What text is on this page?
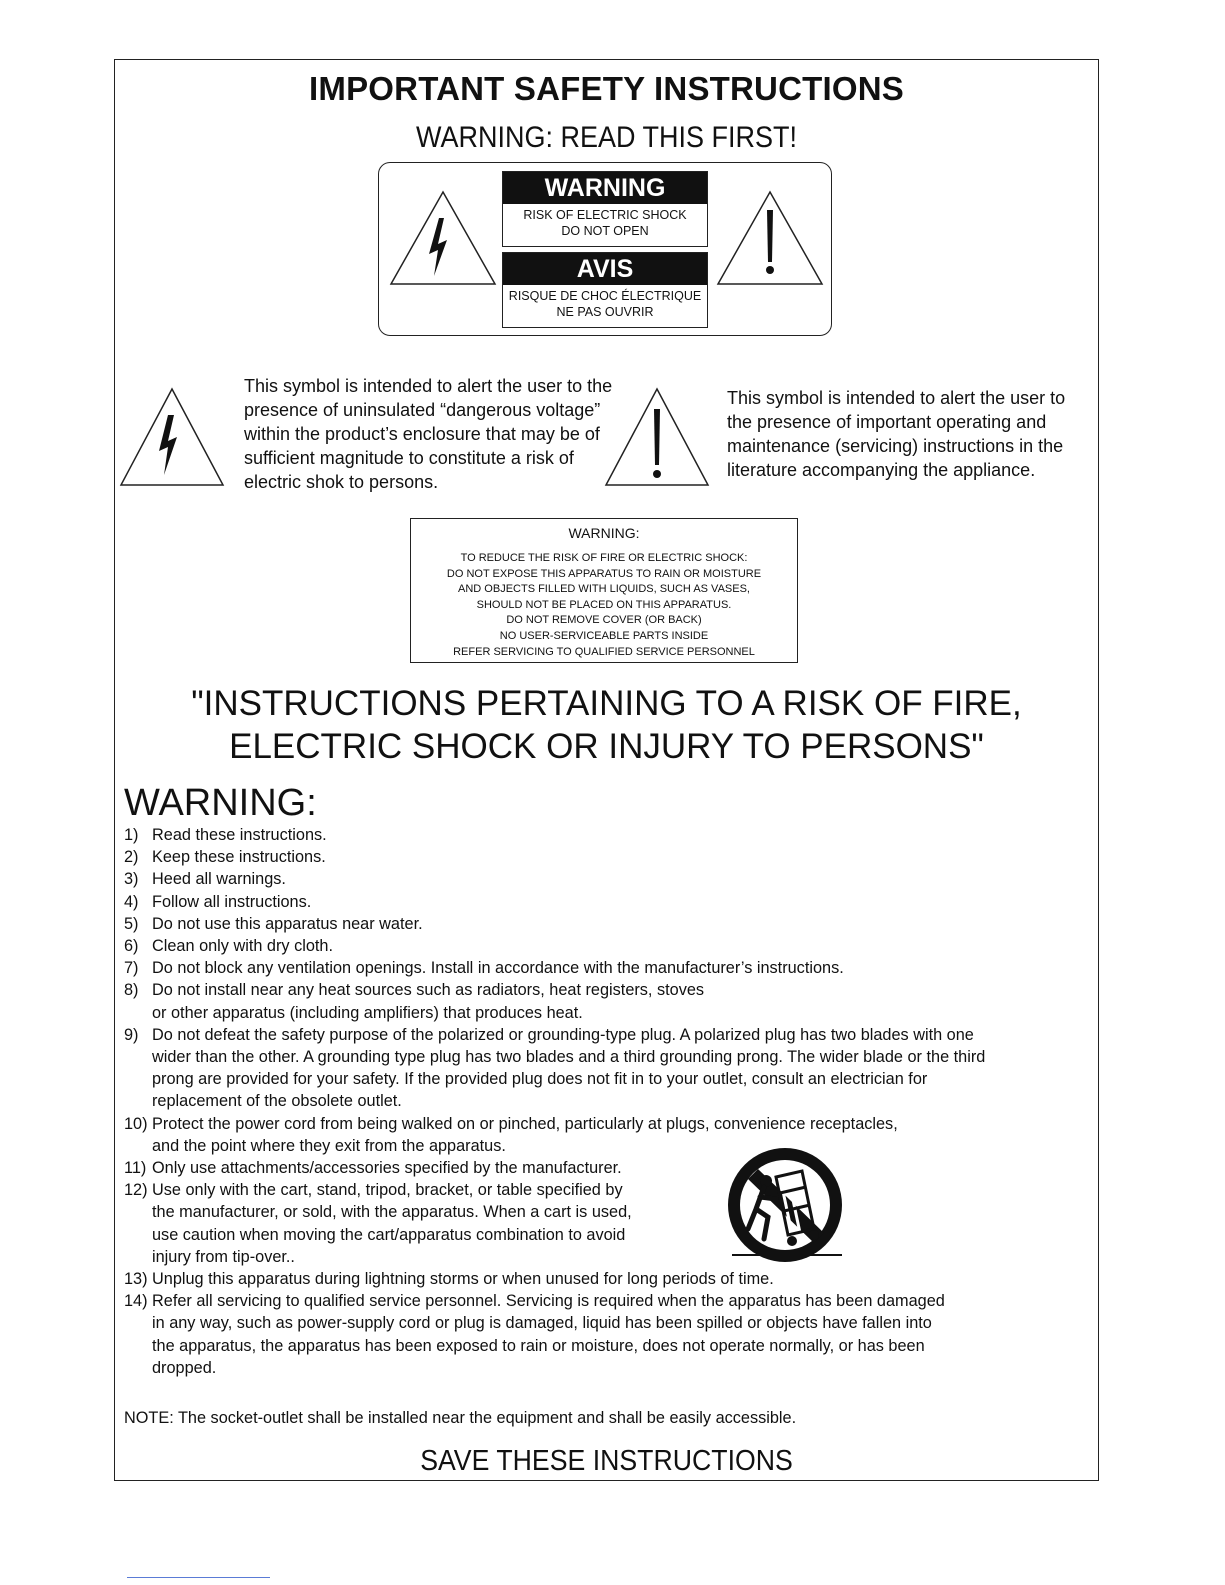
IMPORTANT SAFETY INSTRUCTIONS
WARNING: READ THIS FIRST!
WARNING
RISK OF ELECTRIC SHOCK
DO NOT OPEN
AVIS
RISQUE DE CHOC ÉLECTRIQUE
NE PAS OUVRIR
This symbol is intended to alert the user to the
presence of uninsulated “dangerous voltage”
within the product’s enclosure that may be of
sufficient magnitude to constitute a risk of
electric shok to persons.
This symbol is intended to alert the user to
the presence of important operating and
maintenance (servicing) instructions in the
literature accompanying the appliance.
WARNING:
TO REDUCE THE RISK OF FIRE OR ELECTRIC SHOCK:
DO NOT EXPOSE THIS APPARATUS TO RAIN OR MOISTURE
AND OBJECTS FILLED WITH LIQUIDS, SUCH AS VASES,
SHOULD NOT BE PLACED ON THIS APPARATUS.
DO NOT REMOVE COVER (OR BACK)
NO USER-SERVICEABLE PARTS INSIDE
REFER SERVICING TO QUALIFIED SERVICE PERSONNEL
"INSTRUCTIONS PERTAINING TO A RISK OF FIRE,
ELECTRIC SHOCK OR INJURY TO PERSONS"
WARNING:
1) Read these instructions.
2) Keep these instructions.
3) Heed all warnings.
4) Follow all instructions.
5) Do not use this apparatus near water.
6) Clean only with dry cloth.
7) Do not block any ventilation openings. Install in accordance with the manufacturer’s instructions.
8) Do not install near any heat sources such as radiators, heat registers, stoves
or other apparatus (including amplifiers) that produces heat.
9) Do not defeat the safety purpose of the polarized or grounding-type plug. A polarized plug has two blades with one
wider than the other. A grounding type plug has two blades and a third grounding prong. The wider blade or the third
prong are provided for your safety. If the provided plug does not fit in to your outlet, consult an electrician for
replacement of the obsolete outlet.
10) Protect the power cord from being walked on or pinched, particularly at plugs, convenience receptacles,
and the point where they exit from the apparatus.
11) Only use attachments/accessories specified by the manufacturer.
12) Use only with the cart, stand, tripod, bracket, or table specified by
the manufacturer, or sold, with the apparatus. When a cart is used,
use caution when moving the cart/apparatus combination to avoid
injury from tip-over..
13) Unplug this apparatus during lightning storms or when unused for long periods of time.
14) Refer all servicing to qualified service personnel. Servicing is required when the apparatus has been damaged
in any way, such as power-supply cord or plug is damaged, liquid has been spilled or objects have fallen into
the apparatus, the apparatus has been exposed to rain or moisture, does not operate normally, or has been
dropped.
NOTE: The socket-outlet shall be installed near the equipment and shall be easily accessible.
SAVE THESE INSTRUCTIONS
